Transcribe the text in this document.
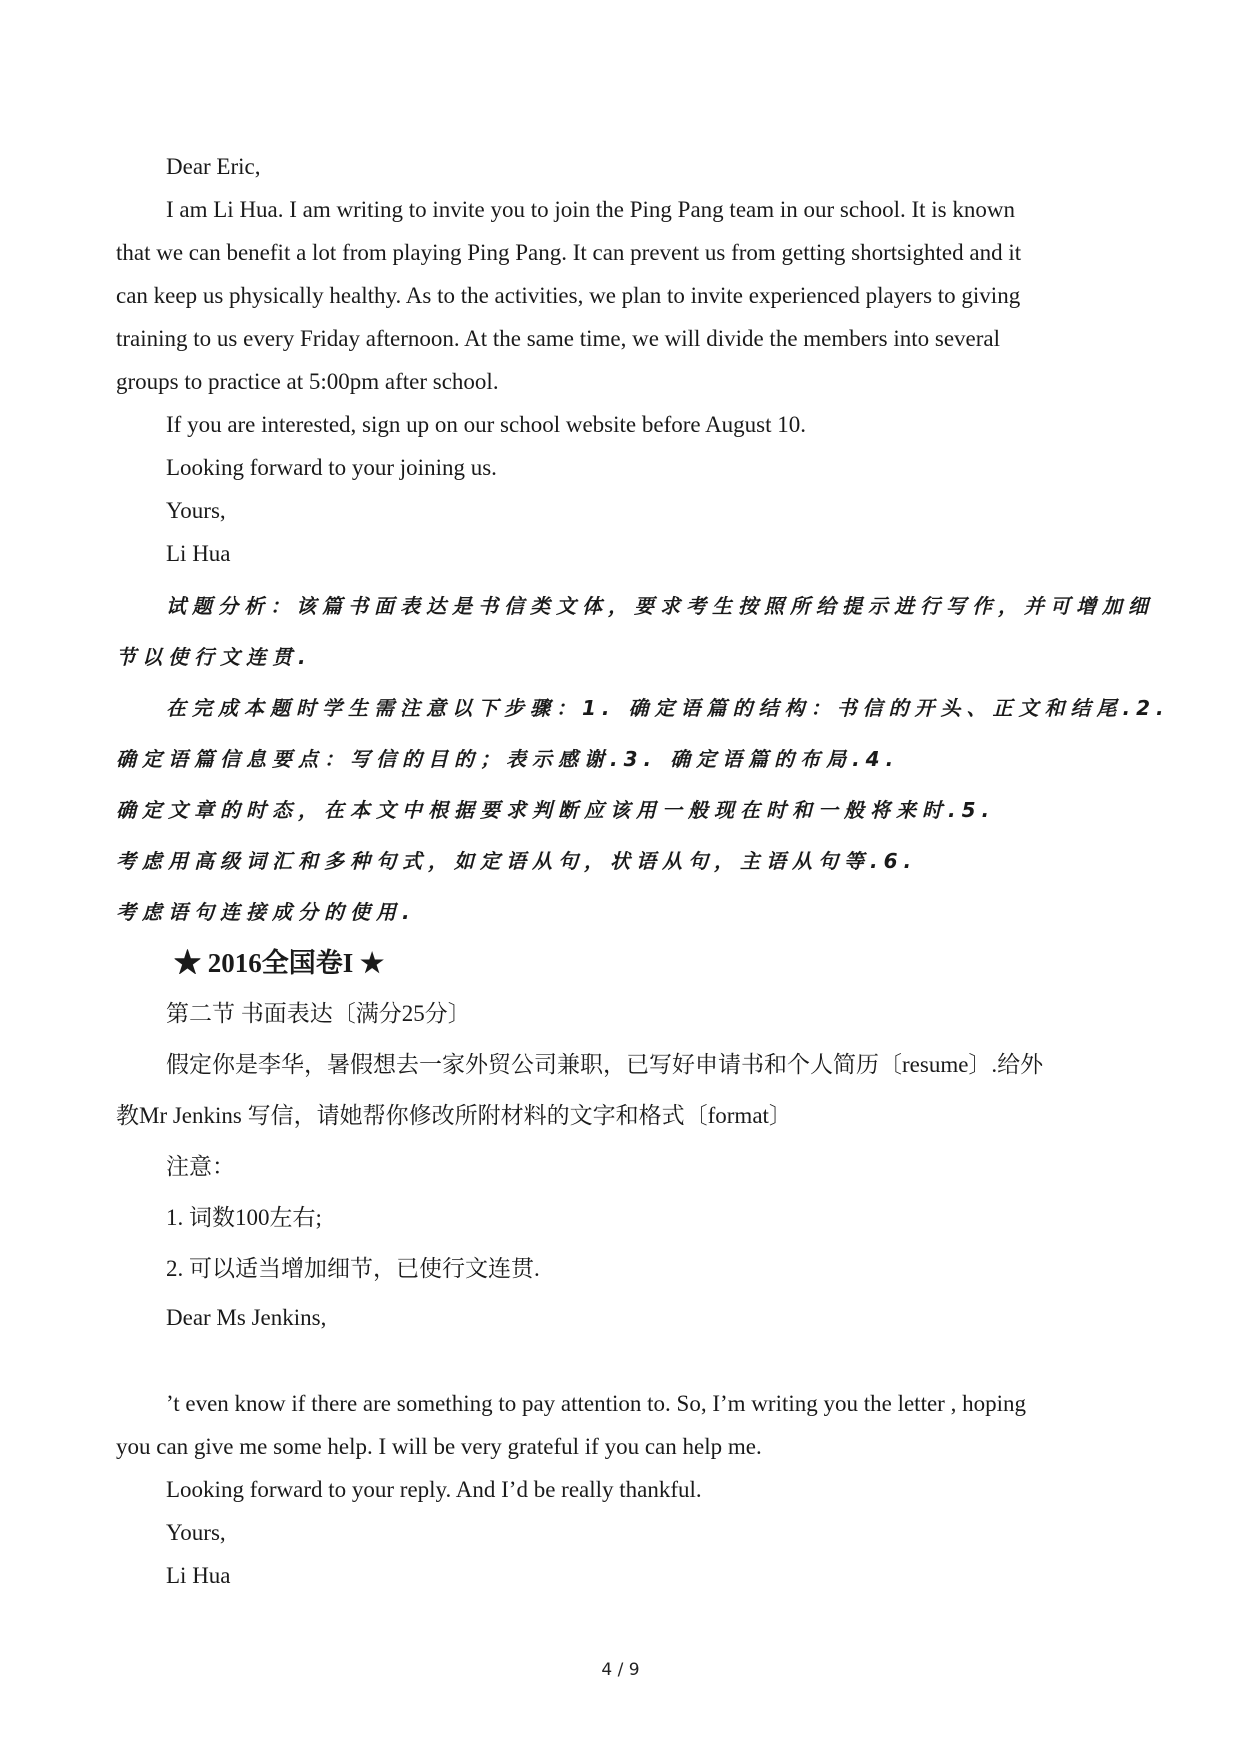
Dear Eric,
I am Li Hua. I am writing to invite you to join the Ping Pang team in our school. It is known
that we can benefit a lot from playing Ping Pang. It can prevent us from getting shortsighted and it
can keep us physically healthy. As to the activities, we plan to invite experienced players to giving
training to us every Friday afternoon. At the same time, we will divide the members into several
groups to practice at 5:00pm after school.
If you are interested, sign up on our school website before August 10.
Looking forward to your joining us.
Yours,
Li Hua
试题分析：该篇书面表达是书信类文体，要求考生按照所给提示进行写作，并可增加细
节以使行文连贯.
在完成本题时学生需注意以下步骤：1. 确定语篇的结构：书信的开头、正文和结尾.2.
确定语篇信息要点：写信的目的；表示感谢.3. 确定语篇的布局.4.
确定文章的时态，在本文中根据要求判断应该用一般现在时和一般将来时.5.
考虑用高级词汇和多种句式，如定语从句，状语从句，主语从句等.6.
考虑语句连接成分的使用.
★ 2016全国卷I ★
第二节 书面表达〔满分25分〕
假定你是李华，暑假想去一家外贸公司兼职，已写好申请书和个人简历〔resume〕.给外
教Mr Jenkins 写信，请她帮你修改所附材料的文字和格式〔format〕
注意：
1. 词数100左右;
2. 可以适当增加细节，已使行文连贯.
Dear Ms Jenkins,
’t even know if there are something to pay attention to. So, I’m writing you the letter , hoping
you can give me some help. I will be very grateful if you can help me.
Looking forward to your reply. And I’d be really thankful.
Yours,
Li Hua
4 / 9
